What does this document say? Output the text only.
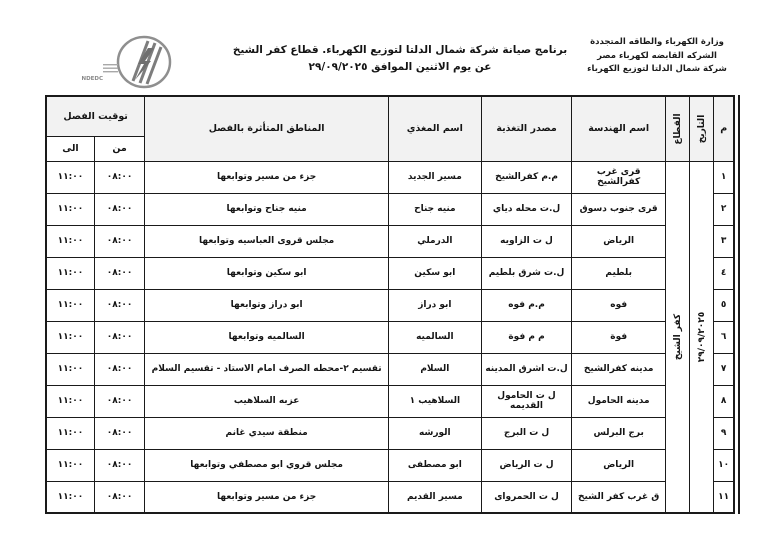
وزارة الكهرباء والطاقه المتجددة
الشركه القابضه لكهرباء مصر
شركة شمال الدلتا لتوزيع الكهرباء
برنامج صيانة شركة شمال الدلتا لتوزيع الكهرباء. قطاع كفر الشيخ
عن يوم الاثنين الموافق ٢٩/٠٩/٢٠٢٥
NDEDC
م	التاريخ	القطاع	اسم الهندسة	مصدر التغذية	اسم المغذي	المناطق المتأثرة بالفصل	توقيت الفصل	
							من	الى
١	٢٩/٠٩/٢٠٢٥	كفر الشيخ	قرى غرب كفرالشيخ	م.م كفرالشيخ	مسير الجديد	جزء من مسير وتوابعها	٠٨:٠٠	١١:٠٠
٢			قرى جنوب دسوق	ل.ت محله دياي	منيه جناح	منيه جناح وتوابعها	٠٨:٠٠	١١:٠٠
٣			الرياض	ل ت الزاويه	الدرملي	مجلس قروى العباسيه وتوابعها	٠٨:٠٠	١١:٠٠
٤			بلطيم	ل.ت شرق بلطيم	ابو سكين	ابو سكين وتوابعها	٠٨:٠٠	١١:٠٠
٥			فوه	م.م فوه	ابو دراز	ابو دراز وتوابعها	٠٨:٠٠	١١:٠٠
٦			فوة	م م فوة	السالميه	السالميه وتوابعها	٠٨:٠٠	١١:٠٠
٧			مدينه كفرالشيخ	ل.ت اشرق المدينه	السلام	تقسيم ٢-محطه الصرف امام الاستاد - تقسيم السلام	٠٨:٠٠	١١:٠٠
٨			مدينه الحامول	ل ت الحامول القديمه	السلاهيب ١	عزبه السلاهيب	٠٨:٠٠	١١:٠٠
٩			برج البرلس	ل ت البرج	الورشه	منطقة سيدي غانم	٠٨:٠٠	١١:٠٠
١٠			الرياض	ل ت الرياض	ابو مصطفى	مجلس قروي ابو مصطفي وتوابعها	٠٨:٠٠	١١:٠٠
١١			ق غرب كفر الشيخ	ل ت الحمرواى	مسير القديم	جزء من مسير وتوابعها	٠٨:٠٠	١١:٠٠
